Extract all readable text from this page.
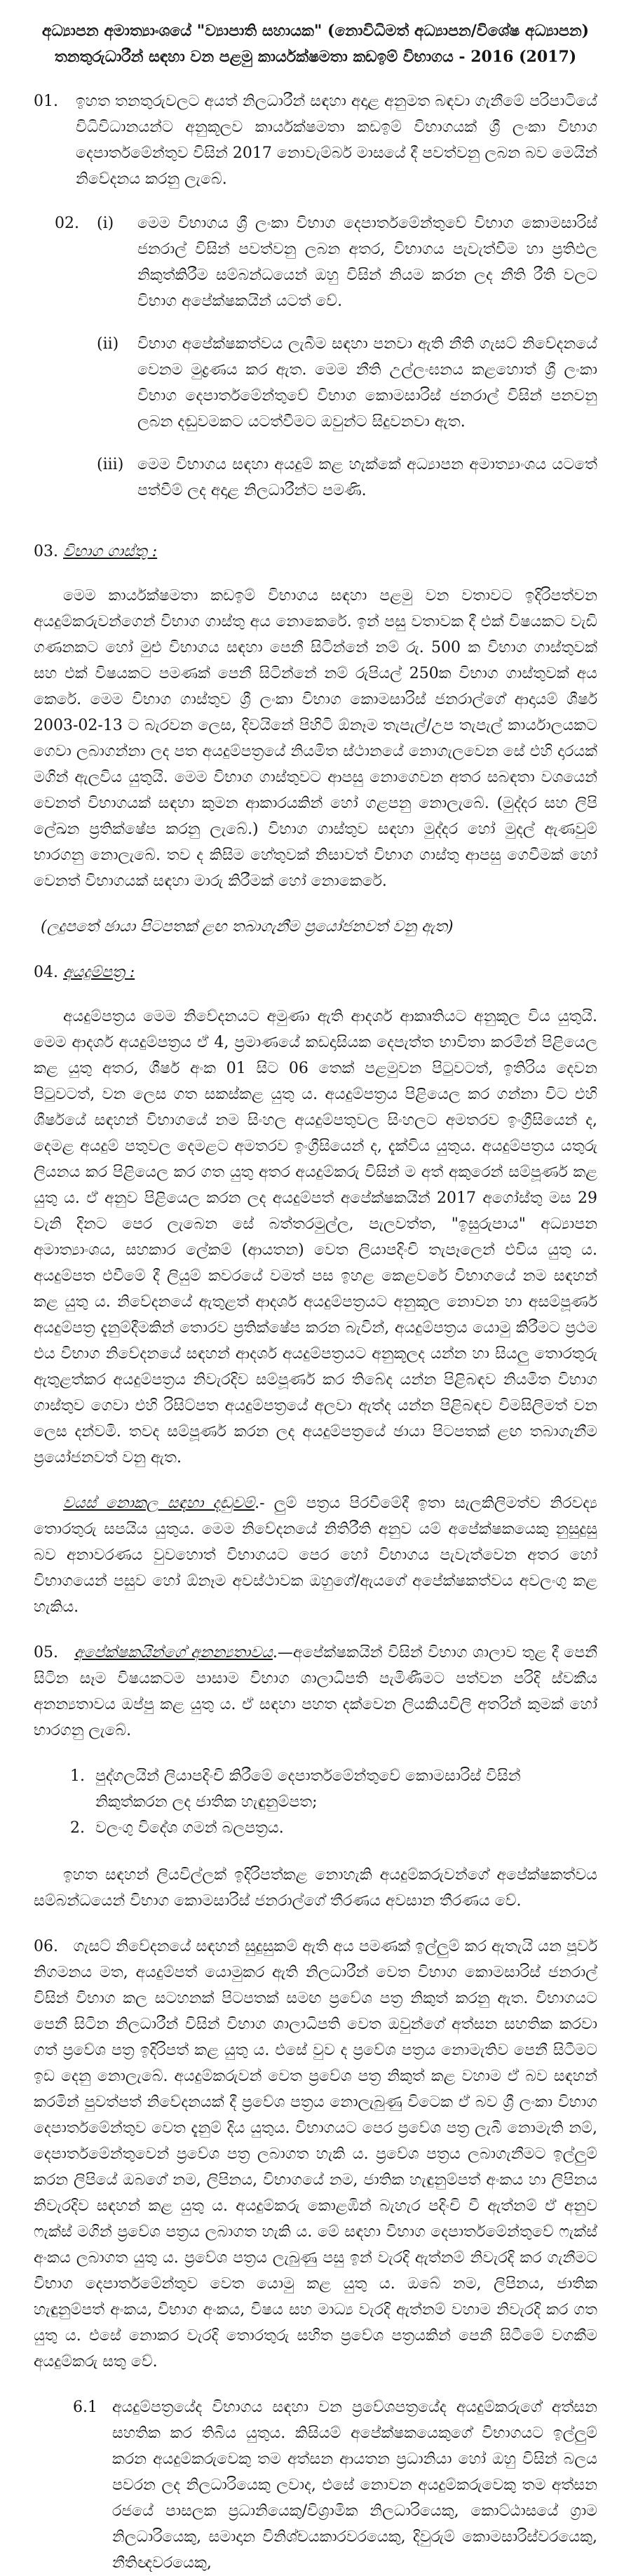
අධ්‍යාපන අමාත්‍යාංශයේ "ව්‍යාපාති සහායක" (නොවිධිමත් අධ්‍යාපන/විශේෂ අධ්‍යාපන) තනතුරුධාරීන් සඳහා වන පළමු කාර්යක්ෂමතා කඩඉම් විභාගය - 2016 (2017)
01.	ඉහත තනතුරුවලට අයත් නිලධාරීන් සඳහා අදාළ අනුමත බඳවා ගැනීමේ පරිපාටියේ විධිවිධානයන්ට අනුකූලව කාර්යක්ෂමතා කඩඉම් විභාගයක් ශ්‍රී ලංකා විභාග දෙපාර්තමේන්තුව විසින් 2017 නොවැම්බර් මාසයේ දී පවත්වනු ලබන බව මෙයින් නිවේදනය කරනු ලැබේ.
02.	(i)	මෙම විභාගය ශ්‍රී ලංකා විභාග දෙපාර්තමේන්තුවේ විභාග කොමසාරිස් ජනරාල් විසින් පවත්වනු ලබන අතර, විභාගය පැවැත්වීම හා ප්‍රතිඵල නිකුත්කිරීම සම්බන්ධයෙන් ඔහු විසින් නියම කරන ලද නීති රීති වලට විභාග අපේක්ෂකයින් යටත් වේ.
(ii)	විභාග අපේක්ෂකත්වය ලැබීම සඳහා පනවා ඇති නීති ගැසට් නිවේදනයේ වෙනම මුද්‍රණය කර ඇත. මෙම නීති උල්ලංඝනය කළහොත් ශ්‍රී ලංකා විභාග දෙපාර්තමේන්තුවේ විභාග කොමසාරිස් ජනරාල් විසින් පනවනු ලබන දඬුවමකට යටත්වීමට ඔවුන්ට සිදුවනවා ඇත.
(iii) මෙම විභාගය සඳහා අයදුම් කළ හැක්කේ අධ්‍යාපන අමාත්‍යාංශය යටතේ පත්වීම් ලද අදාළ නිලධාරීන්ට පමණි.
03. විභාග ගාස්තු :

මෙම කාර්යක්ෂමතා කඩඉම් විභාගය සඳහා පළමු වන වතාවට ඉදිරිපත්වන අයදුම්කරුවන්ගෙන් විභාග ගාස්තු අය නොකෙරේ. ඉන් පසු වතාවක දී එක් විෂයකට වැඩි ගණනකට හෝ මුළු විභාගය සඳහා පෙනී සිටින්නේ නම් රු. 500 ක විභාග ගාස්තුවක් සහ එක් විෂයකට පමණක් පෙනී සිටින්නේ නම් රුපියල් 250ක විභාග ගාස්තුවක් අය කෙරේ. මෙම විභාග ගාස්තුව ශ්‍රී ලංකා විභාග කොමසාරිස් ජනරාල්ගේ ආදායම් ශීර්ෂ 2003-02-13 ට බැරවන ලෙස, දිවයිනේ පිහිටි ඕනෑම තැපැල්/උප තැපැල් කාර්යාලයකට ගෙවා ලබාගන්නා ලද පත අයදුම්පත්‍රයේ නියමිත ස්ථානයේ නොගැලවෙන සේ එහි දාරයක් මගින් ඇලවිය යුතුයි. මෙම විභාග ගාස්තුවට ආපසු නොගෙවන අතර සබඳතා වශයෙන් වෙනත් විභාගයක් සඳහා කුමන ආකාරයකින් හෝ ගළපනු නොලැබේ. (මුද්දර සහ ලිපි ලේඛන ප්‍රතික්ෂේප කරනු ලැබේ.) විභාග ගාස්තුව සඳහා මුද්දර හෝ මුදල් ඇණවුම් භාරගනු නොලැබේ. තව ද කිසිම හේතුවක් නිසාවත් විභාග ගාස්තු ආපසු ගෙවීමක් හෝ වෙනත් විභාගයක් සඳහා මාරු කිරීමක් හෝ නොකෙරේ.

(ලදුපතේ ඡායා පිටපතක් ළඟ තබාගැනීම ප්‍රයෝජනවත් වනු ඇත)

04. අයදුම්පත්‍ර :

අයදුම්පත්‍රය මෙම නිවේදනයට අමුණා ඇති ආදර්ශ ආකෘතියට අනුකූල විය යුතුයි. මෙම ආදර්ශ අයදුම්පත්‍රය ඒ 4, ප්‍රමාණයේ කඩදාසියක දෙපැත්ත භාවිතා කරමින් පිළියෙල කළ යුතු අතර, ශීර්ෂ අංක 01 සිට 06 තෙක් පළමුවන පිටුවටත්, ඉතිරිය දෙවන පිටුවටත්, වන ලෙස ගත සකස්කළ යුතු ය. අයදුම්පත්‍රය පිළියෙල කර ගන්නා විට එහි ශීර්ෂයේ සඳහන් විභාගයේ නම සිංහල අයදුම්පතුවල සිංහලට අමතරව ඉංග්‍රීසියෙන් ද, දෙමළ අයදුම් පතුවල දෙමළට අමතරව ඉංග්‍රීසියෙන් ද, දැක්විය යුතුය. අයදුම්පත්‍රය යතුරු ලියනය කර පිළියෙල කර ගත යුතු අතර අයදුම්කරු විසින් ම අත් අකුරෙන් සම්පූර්ණ කළ යුතු ය. ඒ අනුව පිළියෙල කරන ලද අයදුම්පත් අපේක්ෂකයින් 2017 අගෝස්තු මස 29 වැනි දිනට පෙර ලැබෙන සේ බත්තරමුල්ල, පැලවත්ත, "ඉසුරුපාය" අධ්‍යාපන අමාත්‍යාංශය, සහකාර ලේකම් (ආයතන) වෙත ලියාපදිංචි තැපෑලෙන් එවිය යුතු ය. අයදුම්පත එවීමේ දී ලියුම් කවරයේ වමත් පස ඉහළ කෙළවරේ විභාගයේ නම සඳහන් කළ යුතු ය. නිවේදනයේ ඇතුළත් ආදර්ශ අයදුම්පත්‍රයට අනුකූල නොවන හා අසම්පූර්ණ අයදුම්පත්‍ර දැනුම්දීමකින් තොරව ප්‍රතික්ෂේප කරන බැවින්, අයදුම්පත්‍රය යොමු කිරීමට ප්‍රථම එය විභාග නිවේදනයේ සඳහන් ආදර්ශ අයදුම්පත්‍රයට අනුකූලද යන්න හා සියලු තොරතුරු ඇතුළත්කර අයදුම්පත්‍රය නිවැරදිව සම්පූර්ණ කර තිබේද යන්න පිළිබඳව නියමිත විභාග ගාස්තුව ගෙවා එහි රිසිට්පත අයදුම්පත්‍රයේ අලවා ඇත්ද යන්න පිළිබඳව විමසිලිමත් වන ලෙස දන්වමි. තවද සම්පූර්ණ කරන ලද අයදුම්පත්‍රයේ ඡායා පිටපතක් ළඟ තබාගැනීම ප්‍රයෝජනවත් වනු ඇත.

වයස් නොකල සඳහා දඬුවම්.- ලුම් පත්‍රය පිරවීමේදී ඉතා සැලකිලිමත්ව නිරවද්‍ය තොරතුරු සපයිය යුතුය. මෙම නිවේදනයේ නිතිරීති අනුව යම් අපේක්ෂකයෙකු නුසුදුසු බව අනාවරණය වුවහොත් විභාගයට පෙර හෝ විභාගය පැවැත්වෙන අතර හෝ විභාගයෙන් පසුව හෝ ඕනෑම අවස්ථාවක ඔහුගේ/ඇයගේ අපේක්ෂකත්වය අවලංගු කළ හැකිය.

05. අපේක්ෂකයින්ගේ අනන්‍යතාවය.—අපේක්ෂකයින් විසින් විභාග ශාලාව තුළ දී පෙනී සිටින සෑම විෂයකටම පාසාම විභාග ශාලාධිපති පැමිණීමට පත්වන පරිදි ස්වකීය අනන්‍යතාවය ඔප්පු කළ යුතු ය. ඒ සඳහා පහත දක්වෙන ලියකියවිලි අතරින් කුමක් හෝ භාරගනු ලැබේ.

1. පුද්ගලයින් ලියාපදිංචි කිරීමේ දෙපාර්තමේන්තුවේ කොමසාරිස් විසින් නිකුත්කරන ලද ජාතික හැඳුනුම්පත;
2. වලංගු විදේශ ගමන් බලපත්‍රය.

ඉහත සඳහන් ලියවිල්ලක් ඉදිරිපත්කළ නොහැකි අයදුම්කරුවන්ගේ අපේක්ෂකත්වය සම්බන්ධයෙන් විභාග කොමසාරිස් ජනරාල්ගේ තීරණය අවසාන තීරණය වේ.

06. ගැසට් නිවේදනයේ සඳහන් සුදුසුකම් ඇති අය පමණක් ඉල්ලුම් කර ඇතැයි යන පූර්ව නිගමනය මත, අයදුම්පත් යොමුකර ඇති නිලධාරීන් වෙත විභාග කොමසාරිස් ජනරාල් විසින් විභාග කල සටහනක් පිටපතක් සමඟ ප්‍රවේශ පත්‍ර නිකුත් කරනු ඇත. විභාගයට පෙනී සිටින නිලධාරීන් විසින් විභාග ශාලාධිපති වෙත ඔවුන්ගේ අත්සන සහතික කරවා ගත් ප්‍රවේශ පත්‍ර ඉදිරිපත් කළ යුතු ය. එසේ වුව ද ප්‍රවේශ පත්‍රය නොමැතිව පෙනී සිටීමට ඉඩ දෙනු නොලැබේ. අයදුම්කරුවන් වෙත ප්‍රවේශ පත්‍ර නිකුත් කළ වහාම ඒ බව සඳහන් කරමින් පුවත්පත් නිවේදනයක් දී ප්‍රවේශ පත්‍රය නොලැබුණු විටෙක ඒ බව ශ්‍රී ලංකා විභාග දෙපාර්තමේන්තුව වෙත දැනුම් දිය යුතුය. විභාගයට පෙර ප්‍රවේශ පත්‍ර ලැබී නොමැති නම්, දෙපාර්තමේන්තුවෙන් ප්‍රවේශ පත්‍ර ලබාගත හැකි ය. ප්‍රවේශ පත්‍රය ලබාගැනීමට ඉල්ලුම් කරන ලිපියේ ඔබගේ නම, ලිපිනය, විභාගයේ නම, ජාතික හැඳුනුම්පත් අංකය හා ලිපිනය නිවැරදිව සඳහන් කළ යුතු ය. අයදුම්කරු කොළඹින් බැහැර පදිංචි වී ඇත්නම් ඒ අනුව ෆැක්ස් මගින් ප්‍රවේශ පත්‍රය ලබාගත හැකි ය. මේ සඳහා විභාග දෙපාර්තමේන්තුවේ ෆැක්ස් අංකය ලබාගත යුතු ය. ප්‍රවේශ පත්‍රය ලැබුණු පසු ඉන් වැරදි ඇත්නම් නිවැරදි කර ගැනීමට විභාග දෙපාර්තමේන්තුව වෙත යොමු කළ යුතු ය. ඔබේ නම, ලිපිනය, ජාතික හැඳුනුම්පත් අංකය, විභාග අංකය, විෂය සහ මාධ්‍ය වැරදි ඇත්නම් වහාම නිවැරදි කර ගත යුතු ය. එසේ නොකර වැරදි තොරතුරු සහිත ප්‍රවේශ පත්‍රයකින් පෙනී සිටීමේ වගකීම අයදුම්කරු සතු වේ.

6.1 අයදුම්පත්‍රයේද විභාගය සඳහා වන ප්‍රවේශපත්‍රයේද අයදුම්කරුගේ අත්සන සහතික කර තිබිය යුතුය. කිසියම් අපේක්ෂකයෙකුගේ විභාගයට ඉල්ලුම් කරන අයදුම්කරුවෙකු තම අත්සන ආයතන ප්‍රධානියා හෝ ඔහු විසින් බලය පවරන ලද නිලධාරියෙකු ලවාද, එසේ නොවන අයදුම්කරුවෙකු තම අත්සන රජයේ පාසලක ප්‍රධානියෙකු/විශ්‍රාමික නිලධාරියෙකු, කොට්ඨාසයේ ග්‍රාම නිලධාරියෙකු, සමාදාන විනිශ්චයකාරවරයෙකු, දිවුරුම් කොමසාරිස්වරයෙකු, නීතිඥවරයෙකු,
